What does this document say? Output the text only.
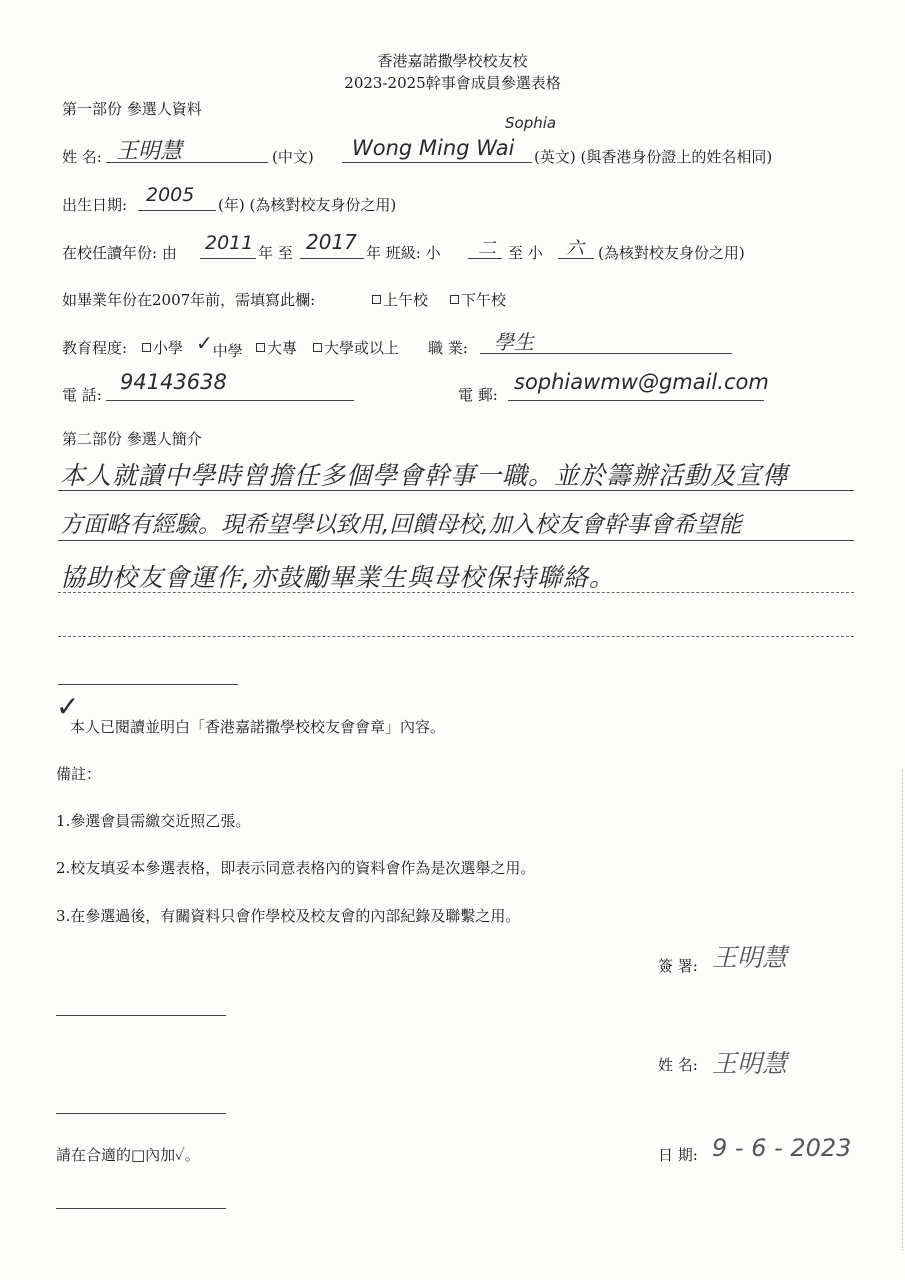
香港嘉諾撒學校校友校
2023-2025幹事會成員參選表格
第一部份 參選人資料
姓 名: 王明慧	(中文)
Sophia
Wong Ming Wai (英文) (與香港身份證上的姓名相同)
出生日期: 2005 (年) (為核對校友身份之用)
在校任讀年份: 由 2011 年 至 2017 年 班級: 小 二 至 小 六 (為核對校友身份之用)
如畢業年份在2007年前，需填寫此欄:	上午校	下午校
教育程度:	小學 ✓中學	大專	大學或以上 職 業: 學生
電 話:
94143638
電 郵:
sophiawmw@gmail.com
第二部份 參選人簡介
本人就讀中學時曾擔任多個學會幹事一職。並於籌辦活動及宣傳
方面略有經驗。現希望學以致用,回饋母校,加入校友會幹事會希望能
協助校友會運作,亦鼓勵畢業生與母校保持聯絡。
✓
本人已閱讀並明白「香港嘉諾撒學校校友會會章」內容。
備註：
1.參選會員需繳交近照乙張。
2.校友填妥本參選表格，即表示同意表格內的資料會作為是次選舉之用。
3.在參選過後，有關資料只會作學校及校友會的內部紀錄及聯繫之用。
簽 署: 王明慧
姓 名: 王明慧
請在合適的□內加✓。	日 期: 9 - 6 - 2023
